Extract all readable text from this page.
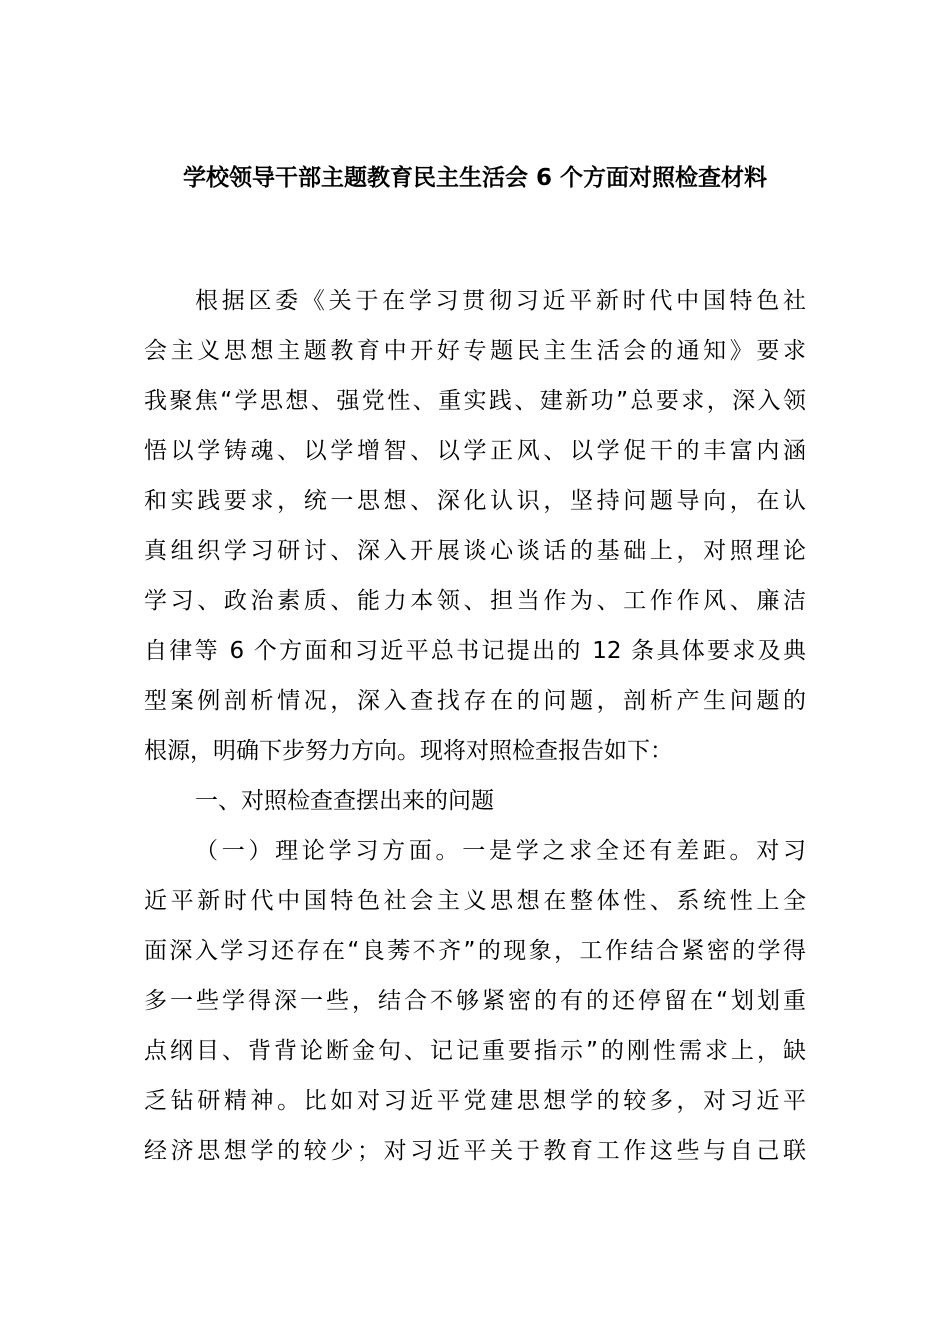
学校领导干部主题教育民主生活会 6 个方面对照检查材料
根据区委《关于在学习贯彻习近平新时代中国特色社
会主义思想主题教育中开好专题民主生活会的通知》要求
我聚焦“学思想、强党性、重实践、建新功”总要求，深入领
悟以学铸魂、以学增智、以学正风、以学促干的丰富内涵
和实践要求，统一思想、深化认识，坚持问题导向，在认
真组织学习研讨、深入开展谈心谈话的基础上，对照理论
学习、政治素质、能力本领、担当作为、工作作风、廉洁
自律等 6 个方面和习近平总书记提出的 12 条具体要求及典
型案例剖析情况，深入查找存在的问题，剖析产生问题的
根源，明确下步努力方向。现将对照检查报告如下：
一、对照检查查摆出来的问题
（一）理论学习方面。一是学之求全还有差距。对习
近平新时代中国特色社会主义思想在整体性、系统性上全
面深入学习还存在“良莠不齐”的现象，工作结合紧密的学得
多一些学得深一些，结合不够紧密的有的还停留在“划划重
点纲目、背背论断金句、记记重要指示”的刚性需求上，缺
乏钻研精神。比如对习近平党建思想学的较多，对习近平
经济思想学的较少；对习近平关于教育工作这些与自己联
